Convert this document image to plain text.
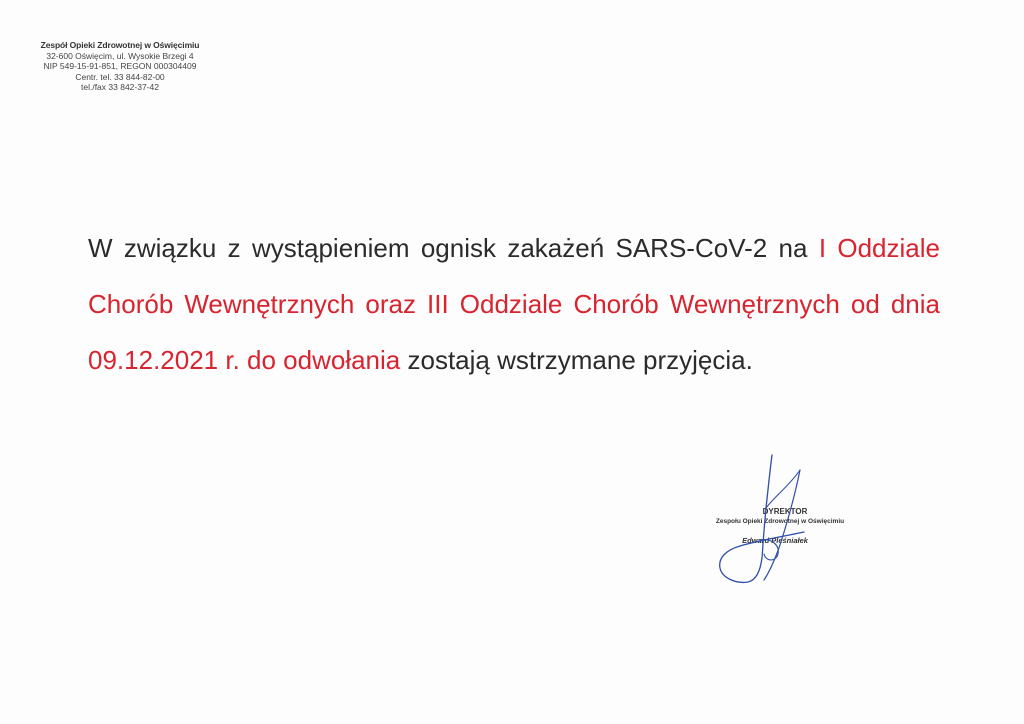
Zespół Opieki Zdrowotnej w Oświęcimiu
32-600 Oświęcim, ul. Wysokie Brzegi 4
NIP 549-15-91-851, REGON 000304409
Centr. tel. 33 844-82-00
tel./fax 33 842-37-42
W związku z wystąpieniem ognisk zakażeń SARS-CoV-2 na I Oddziale Chorób Wewnętrznych oraz III Oddziale Chorób Wewnętrznych od dnia 09.12.2021 r. do odwołania zostają wstrzymane przyjęcia.
DYREKTOR
Zespołu Opieki Zdrowotnej w Oświęcimiu
Edward Pleśniałek
